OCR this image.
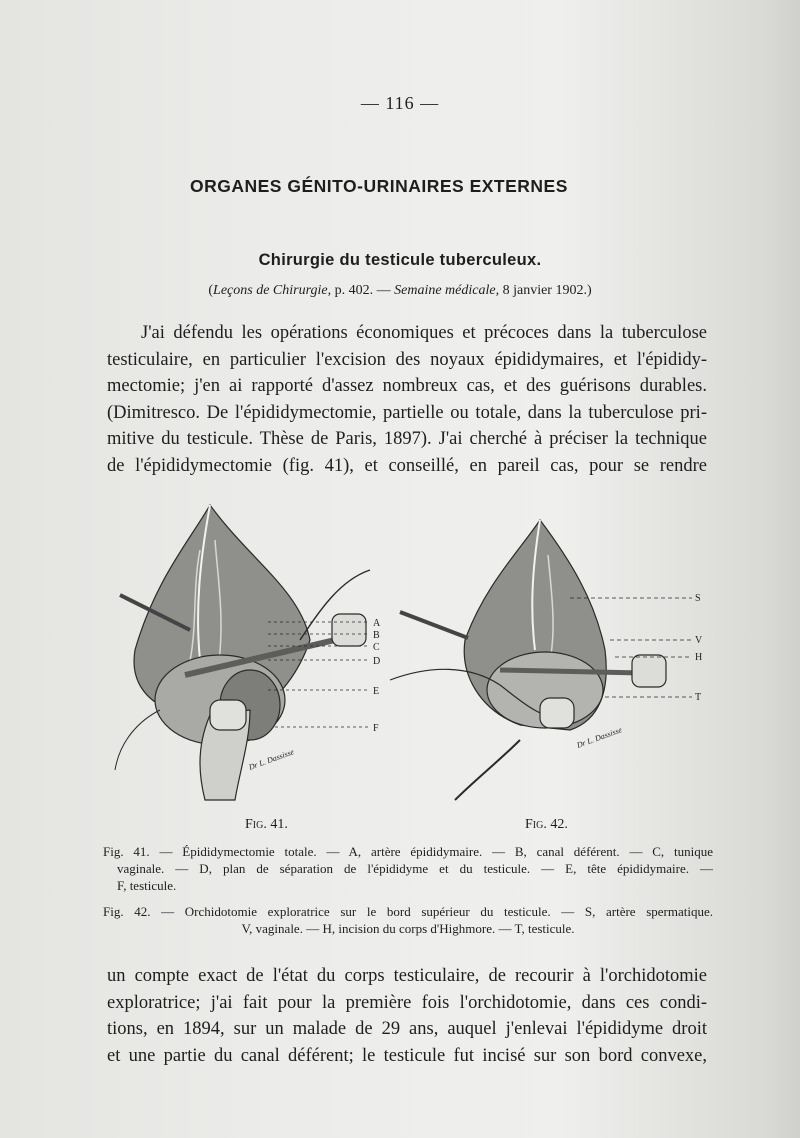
— 116 —
ORGANES GÉNITO-URINAIRES EXTERNES
Chirurgie du testicule tuberculeux.
(Leçons de Chirurgie, p. 402. — Semaine médicale, 8 janvier 1902.)
J'ai défendu les opérations économiques et précoces dans la tuberculose
testiculaire, en particulier l'excision des noyaux épididymaires, et l'épididy-
mectomie; j'en ai rapporté d'assez nombreux cas, et des guérisons durables.
(Dimitresco. De l'épididymectomie, partielle ou totale, dans la tuberculose pri-
mitive du testicule. Thèse de Paris, 1897). J'ai cherché à préciser la technique
de l'épididymectomie (fig. 41), et conseillé, en pareil cas, pour se rendre
A
B
C
D
E
F
Dr L. Dassisse
S
V
H
T
Dr L. Dassisse
Fig. 41.	Fig. 42.
Fig. 41. — Épididymectomie totale. — A, artère épididymaire. — B, canal déférent. — C, tunique
vaginale. — D, plan de séparation de l'épididyme et du testicule. — E, tête épididymaire. —
F, testicule.
Fig. 42. — Orchidotomie exploratrice sur le bord supérieur du testicule. — S, artère spermatique.
V, vaginale. — H, incision du corps d'Highmore. — T, testicule.
un compte exact de l'état du corps testiculaire, de recourir à l'orchidotomie
exploratrice; j'ai fait pour la première fois l'orchidotomie, dans ces condi-
tions, en 1894, sur un malade de 29 ans, auquel j'enlevai l'épididyme droit
et une partie du canal déférent; le testicule fut incisé sur son bord convexe,
